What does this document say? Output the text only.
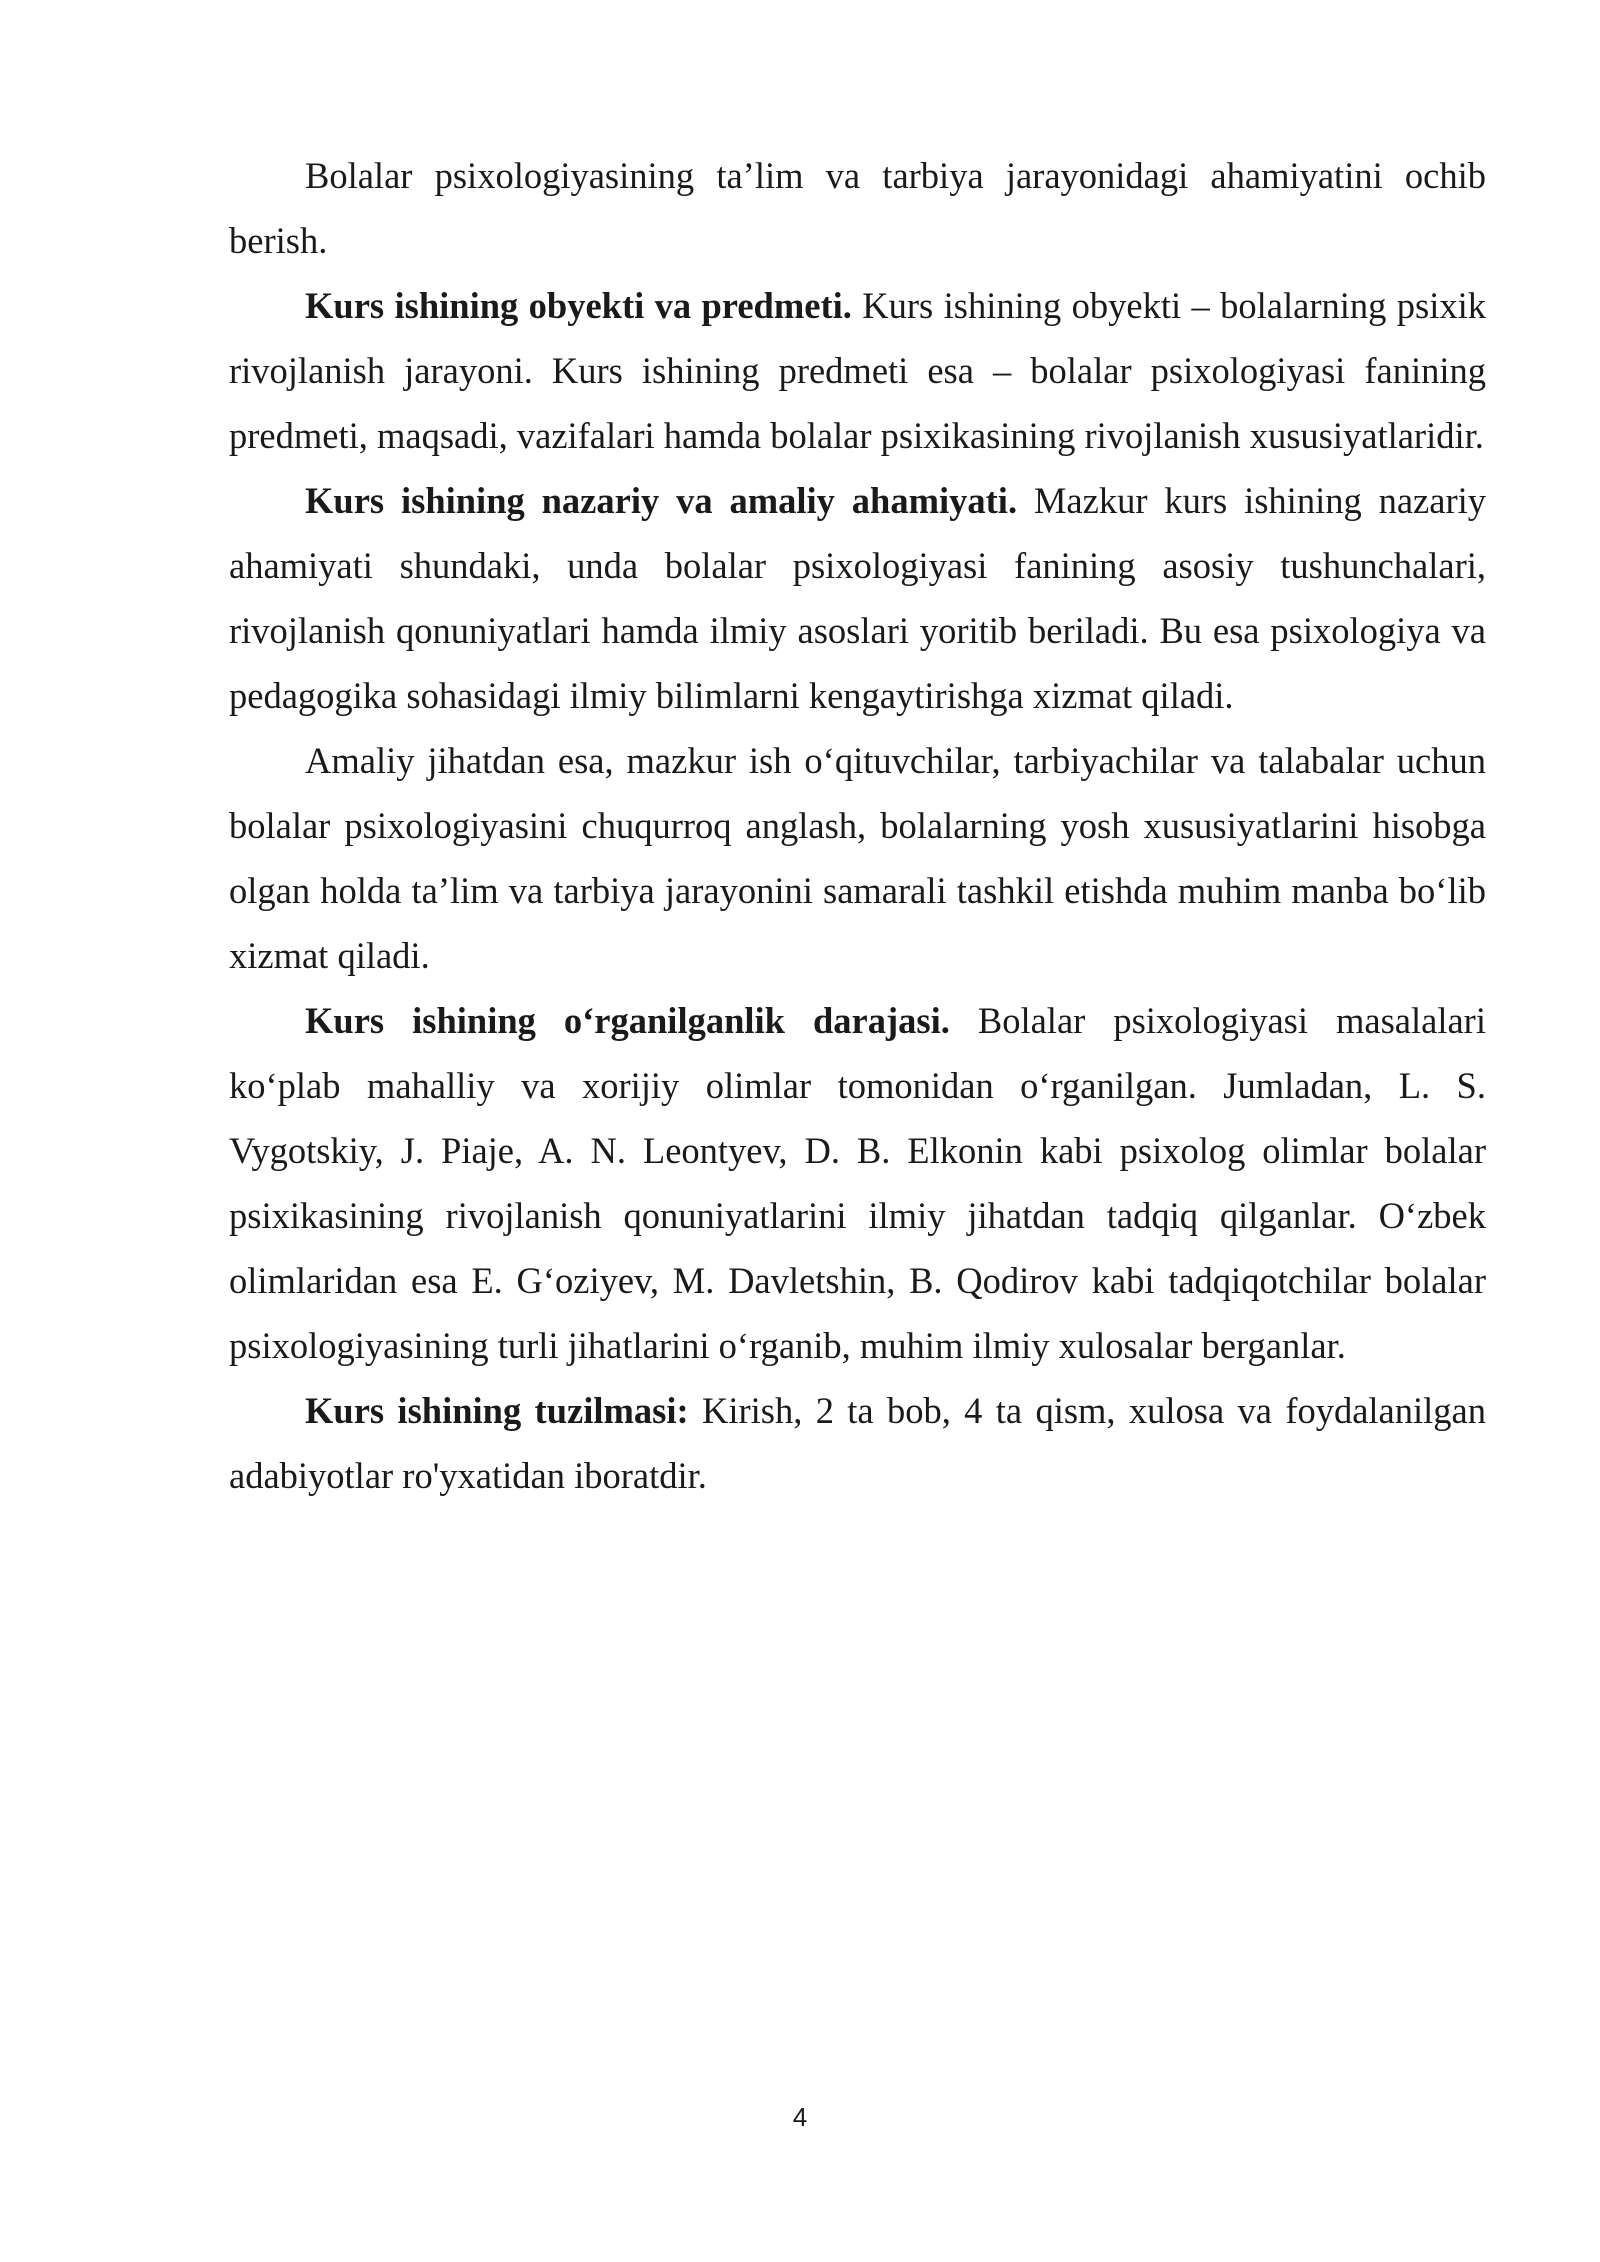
Bolalar psixologiyasining ta’lim va tarbiya jarayonidagi ahamiyatini ochib berish.

Kurs ishining obyekti va predmeti. Kurs ishining obyekti – bolalarning psixik rivojlanish jarayoni. Kurs ishining predmeti esa – bolalar psixologiyasi fanining predmeti, maqsadi, vazifalari hamda bolalar psixikasining rivojlanish xususiyatlaridir.

Kurs ishining nazariy va amaliy ahamiyati. Mazkur kurs ishining nazariy ahamiyati shundaki, unda bolalar psixologiyasi fanining asosiy tushunchalari, rivojlanish qonuniyatlari hamda ilmiy asoslari yoritib beriladi. Bu esa psixologiya va pedagogika sohasidagi ilmiy bilimlarni kengaytirishga xizmat qiladi.

Amaliy jihatdan esa, mazkur ish o‘qituvchilar, tarbiyachilar va talabalar uchun bolalar psixologiyasini chuqurroq anglash, bolalarning yosh xususiyatlarini hisobga olgan holda ta’lim va tarbiya jarayonini samarali tashkil etishda muhim manba bo‘lib xizmat qiladi.

Kurs ishining o‘rganilganlik darajasi. Bolalar psixologiyasi masalalari ko‘plab mahalliy va xorijiy olimlar tomonidan o‘rganilgan. Jumladan, L. S. Vygotskiy, J. Piaje, A. N. Leontyev, D. B. Elkonin kabi psixolog olimlar bolalar psixikasining rivojlanish qonuniyatlarini ilmiy jihatdan tadqiq qilganlar. O‘zbek olimlaridan esa E. G‘oziyev, M. Davletshin, B. Qodirov kabi tadqiqotchilar bolalar psixologiyasining turli jihatlarini o‘rganib, muhim ilmiy xulosalar berganlar.

Kurs ishining tuzilmasi: Kirish, 2 ta bob, 4 ta qism, xulosa va foydalanilgan adabiyotlar ro'yxatidan iboratdir.

4
